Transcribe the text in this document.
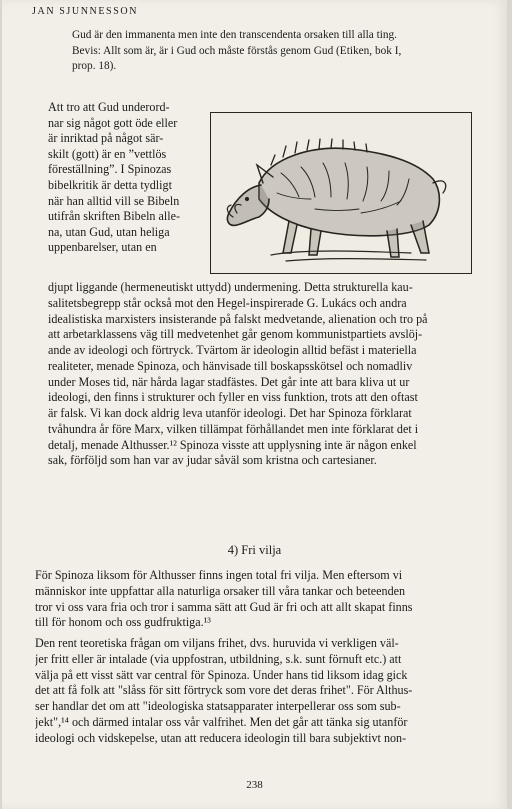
JAN SJUNNESSON
Gud är den immanenta men inte den transcendenta orsaken till alla ting.
Bevis: Allt som är, är i Gud och måste förstås genom Gud (Etiken, bok I,
prop. 18).
Att tro att Gud underord-
nar sig något gott öde eller
är inriktad på något sär-
skilt (gott) är en ”vettlös
föreställning”. I Spinozas
bibelkritik är detta tydligt
när han alltid vill se Bibeln
utifrån skriften Bibeln alle-
na, utan Gud, utan heliga
uppenbarelser, utan en
djupt liggande (hermeneutiskt uttydd) undermening. Detta strukturella kau-
salitetsbegrepp står också mot den Hegel-inspirerade G. Lukács och andra
idealistiska marxisters insisterande på falskt medvetande, alienation och tro på
att arbetarklassens väg till medvetenhet går genom kommunistpartiets avslöj-
ande av ideologi och förtryck. Tvärtom är ideologin alltid befäst i materiella
realiteter, menade Spinoza, och hänvisade till boskapsskötsel och nomadliv
under Moses tid, när hårda lagar stadfästes. Det går inte att bara kliva ut ur
ideologi, den finns i strukturer och fyller en viss funktion, trots att den oftast
är falsk. Vi kan dock aldrig leva utanför ideologi. Det har Spinoza förklarat
tvåhundra år före Marx, vilken tillämpat förhållandet men inte förklarat det i
detalj, menade Althusser.¹² Spinoza visste att upplysning inte är någon enkel
sak, förföljd som han var av judar såväl som kristna och cartesianer.
4) Fri vilja
För Spinoza liksom för Althusser finns ingen total fri vilja. Men eftersom vi
människor inte uppfattar alla naturliga orsaker till våra tankar och beteenden
tror vi oss vara fria och tror i samma sätt att Gud är fri och att allt skapat finns
till för honom och oss gudfruktiga.¹³
Den rent teoretiska frågan om viljans frihet, dvs. huruvida vi verkligen väl-
jer fritt eller är intalade (via uppfostran, utbildning, s.k. sunt förnuft etc.) att
välja på ett visst sätt var central för Spinoza. Under hans tid liksom idag gick
det att få folk att "slåss för sitt förtryck som vore det deras frihet". För Althus-
ser handlar det om att "ideologiska statsapparater interpellerar oss som sub-
jekt",¹⁴ och därmed intalar oss vår valfrihet. Men det går att tänka sig utanför
ideologi och vidskepelse, utan att reducera ideologin till bara subjektivt non-
238
